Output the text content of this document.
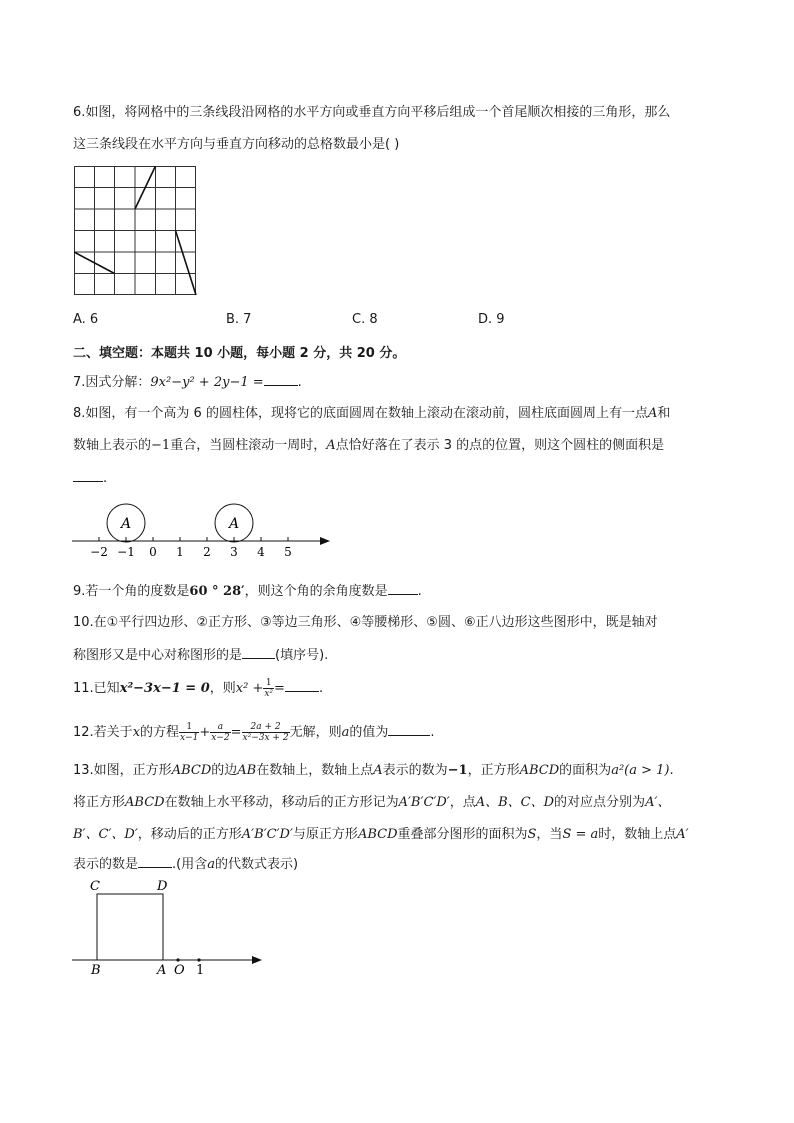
6.如图，将网格中的三条线段沿网格的水平方向或垂直方向平移后组成一个首尾顺次相接的三角形，那么
这三条线段在水平方向与垂直方向移动的总格数最小是( )
A. 6	B. 7	C. 8	D. 9
二、填空题：本题共 10 小题，每小题 2 分，共 20 分。
7.因式分解：9x²−y² + 2y−1 =	.
8.如图，有一个高为 6 的圆柱体，现将它的底面圆周在数轴上滚动在滚动前，圆柱底面圆周上有一点A和
数轴上表示的−1重合，当圆柱滚动一周时，A点恰好落在了表示 3 的点的位置，则这个圆柱的侧面积是
.
A	A
−2 −1 0 1 2 3 4 5
9.若一个角的度数是60 ° 28′，则这个角的余角度数是 .
10.在①平行四边形、②正方形、③等边三角形、④等腰梯形、⑤圆、⑥正八边形这些图形中，既是轴对
称图形又是中心对称图形的是	(填序号).
11.已知x²−3x−1 = 0，则$x^2 + \frac{1}{\text{x²}}$ =	.
12.若关于x的方程 $\frac{1}{x-1} + \frac{a}{x-2} = \frac{2a + 2}{\text{x²−3x + 2}}$ 无解，则a的值为	.
13.如图，正方形ABCD的边AB在数轴上，数轴上点A表示的数为−1，正方形ABCD的面积为a²(a > 1).
将正方形ABCD在数轴上水平移动，移动后的正方形记为A′B′C′D′，点A、B、C、D的对应点分别为A′、
B′、C′、D′，移动后的正方形A′B′C′D′与原正方形ABCD重叠部分图形的面积为S，当S = a时，数轴上点A′
表示的数是	.(用含a的代数式表示)
C	D
B	A O 1
